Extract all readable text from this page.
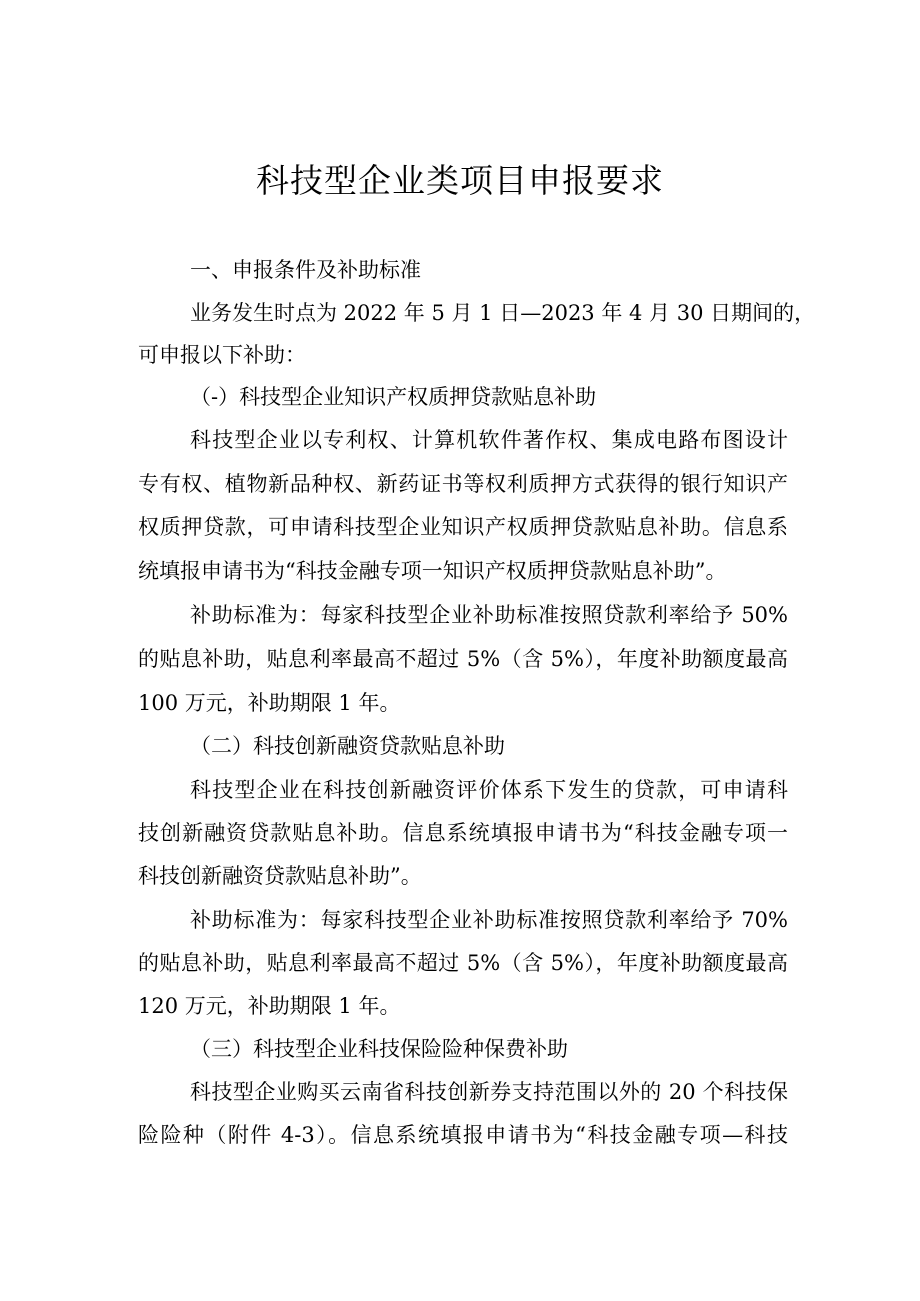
科技型企业类项目申报要求
一、申报条件及补助标准
业务发生时点为 2022 年 5 月 1 日—2023 年 4 月 30 日期间的，
可申报以下补助：
（-）科技型企业知识产权质押贷款贴息补助
科技型企业以专利权、计算机软件著作权、集成电路布图设计
专有权、植物新品种权、新药证书等权利质押方式获得的银行知识产
权质押贷款，可申请科技型企业知识产权质押贷款贴息补助。信息系
统填报申请书为“科技金融专项一知识产权质押贷款贴息补助”。
补助标准为：每家科技型企业补助标准按照贷款利率给予 50%
的贴息补助，贴息利率最高不超过 5%（含 5%），年度补助额度最高
100 万元，补助期限 1 年。
（二）科技创新融资贷款贴息补助
科技型企业在科技创新融资评价体系下发生的贷款，可申请科
技创新融资贷款贴息补助。信息系统填报申请书为“科技金融专项一
科技创新融资贷款贴息补助”。
补助标准为：每家科技型企业补助标准按照贷款利率给予 70%
的贴息补助，贴息利率最高不超过 5%（含 5%），年度补助额度最高
120 万元，补助期限 1 年。
（三）科技型企业科技保险险种保费补助
科技型企业购买云南省科技创新券支持范围以外的 20 个科技保
险险种（附件 4-3）。信息系统填报申请书为“科技金融专项—科技
